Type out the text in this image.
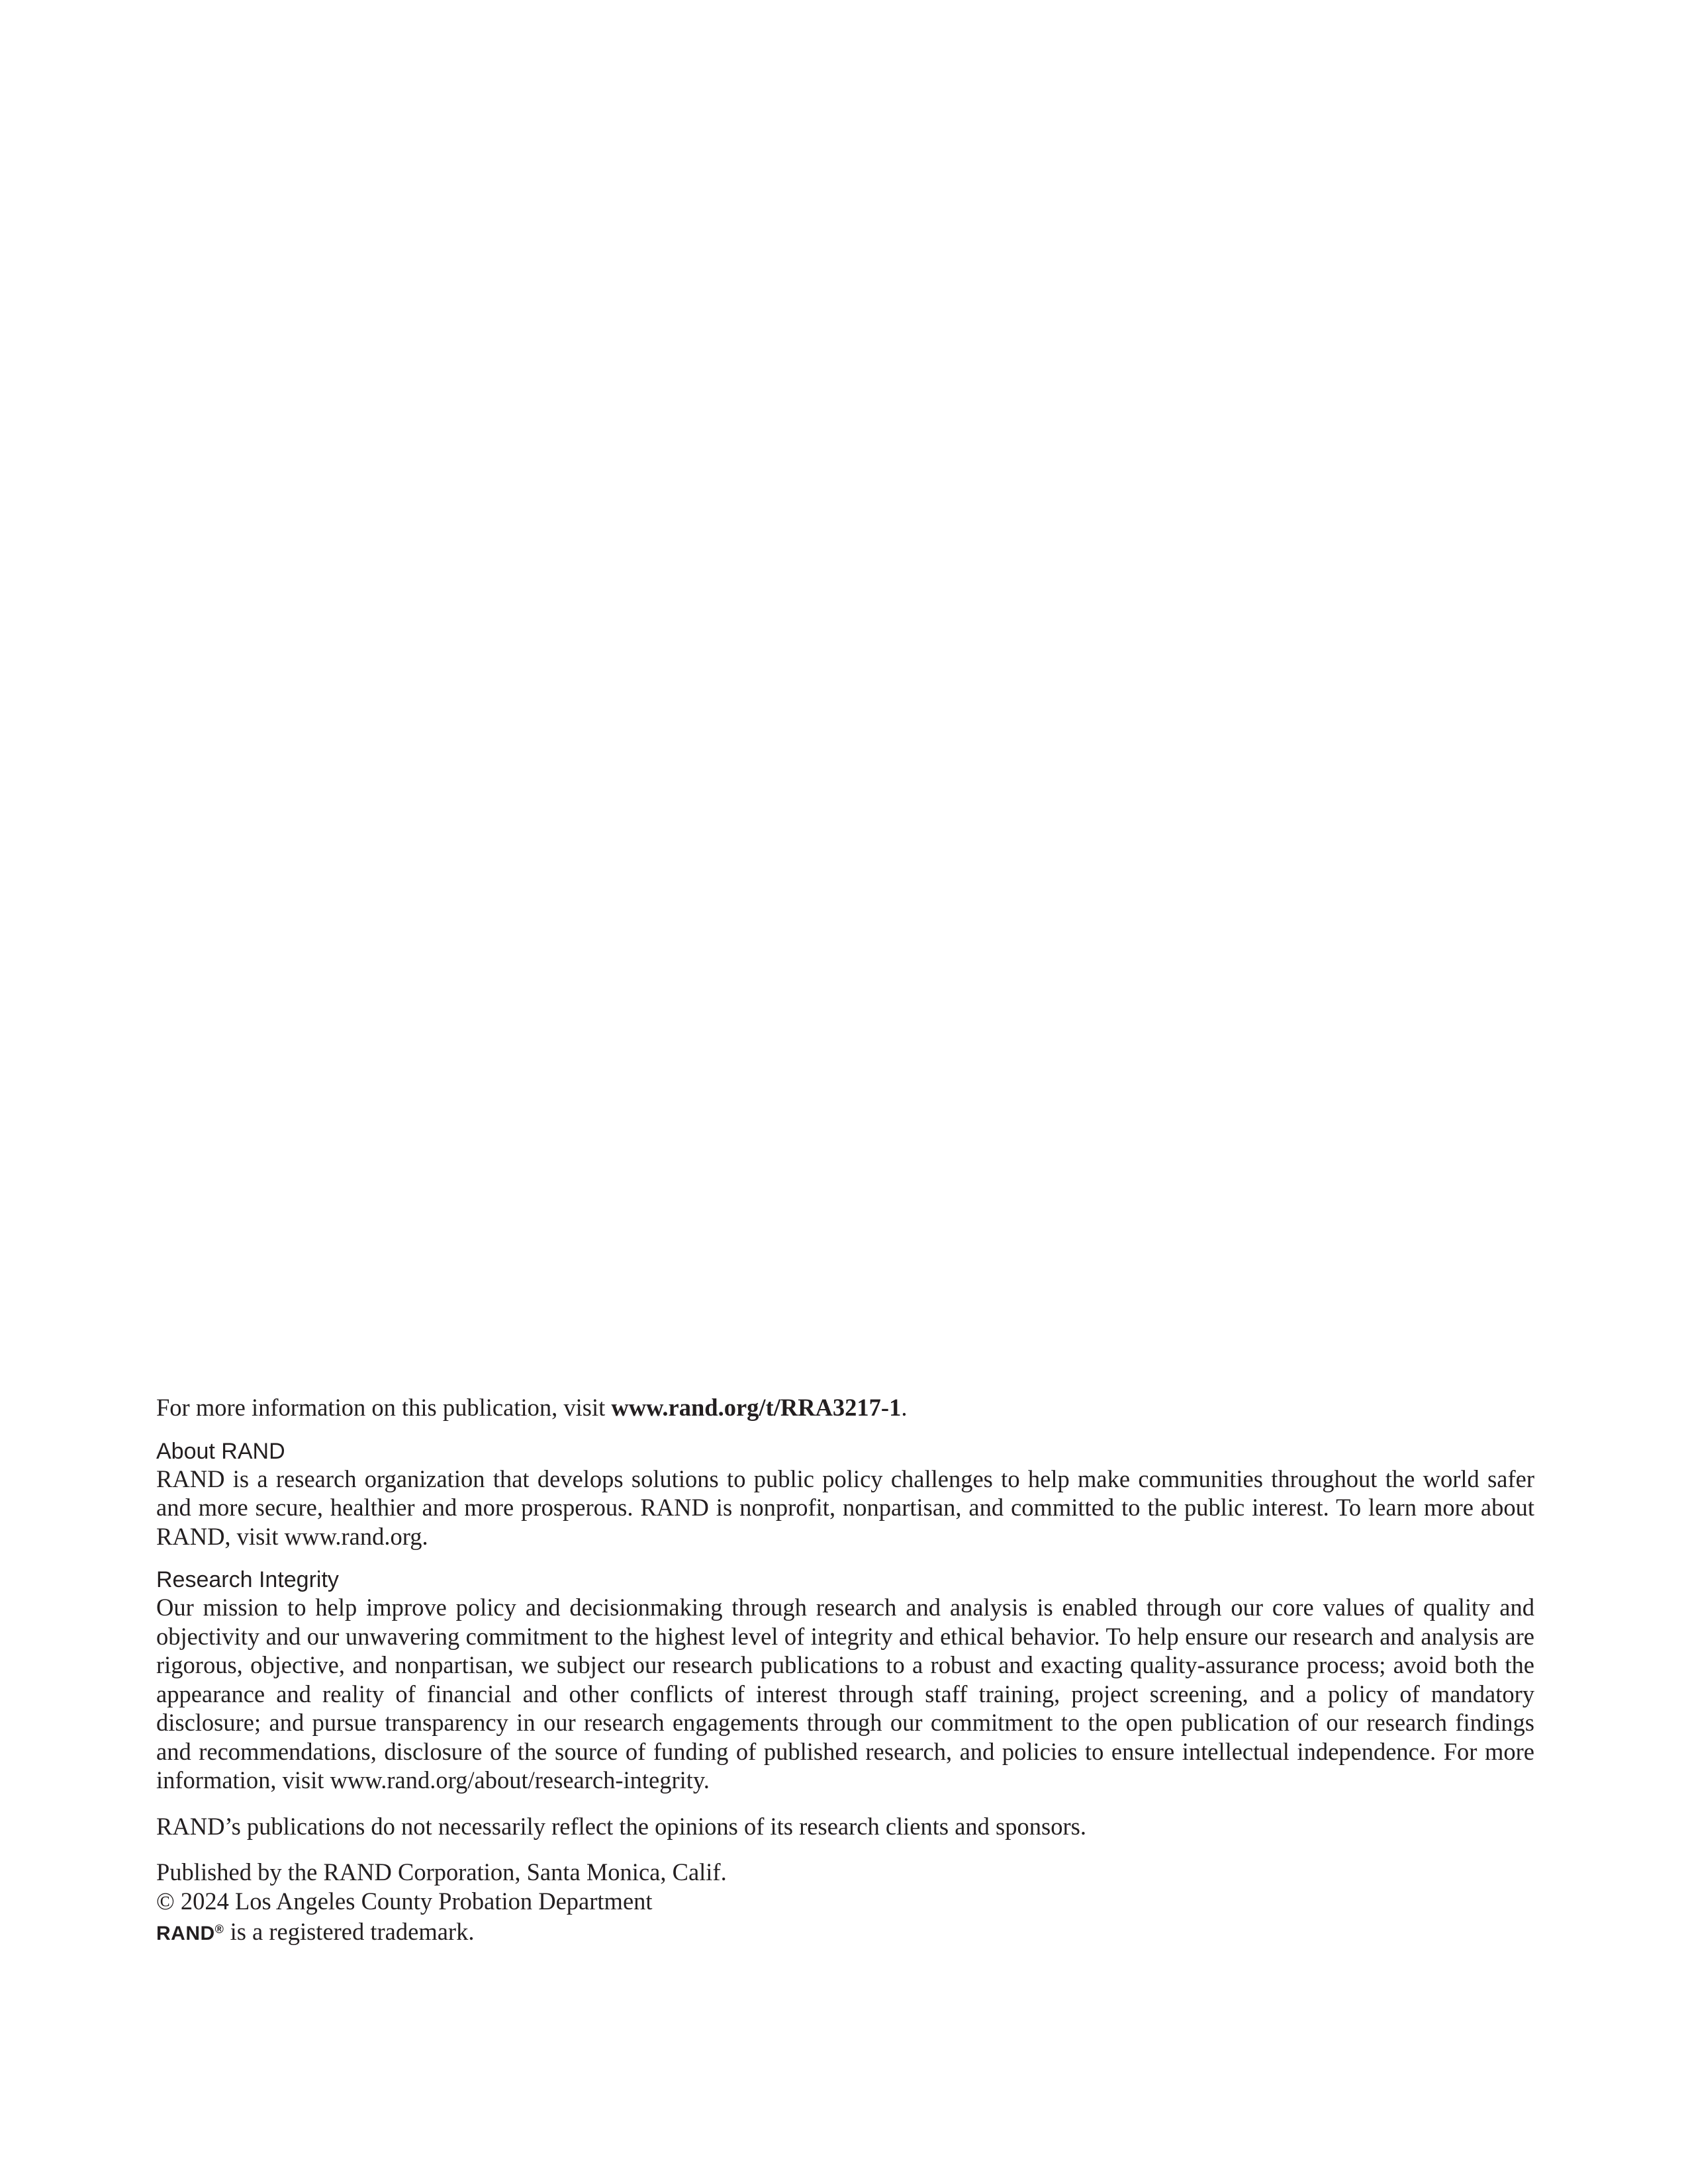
For more information on this publication, visit www.rand.org/t/RRA3217-1.

About RAND

RAND is a research organization that develops solutions to public policy challenges to help make communities throughout the world safer and more secure, healthier and more prosperous. RAND is nonprofit, nonpartisan, and committed to the public interest. To learn more about RAND, visit www.rand.org.

Research Integrity

Our mission to help improve policy and decisionmaking through research and analysis is enabled through our core values of quality and objectivity and our unwavering commitment to the highest level of integrity and ethical behavior. To help ensure our research and analysis are rigorous, objective, and nonpartisan, we subject our research publications to a robust and exacting quality-assurance process; avoid both the appearance and reality of financial and other conflicts of interest through staff training, project screening, and a policy of mandatory disclosure; and pursue transparency in our research engagements through our commitment to the open publication of our research findings and recommendations, disclosure of the source of funding of published research, and policies to ensure intellectual independence. For more information, visit www.rand.org/about/research-integrity.

RAND’s publications do not necessarily reflect the opinions of its research clients and sponsors.

Published by the RAND Corporation, Santa Monica, Calif.

© 2024 Los Angeles County Probation Department

RAND® is a registered trademark.
